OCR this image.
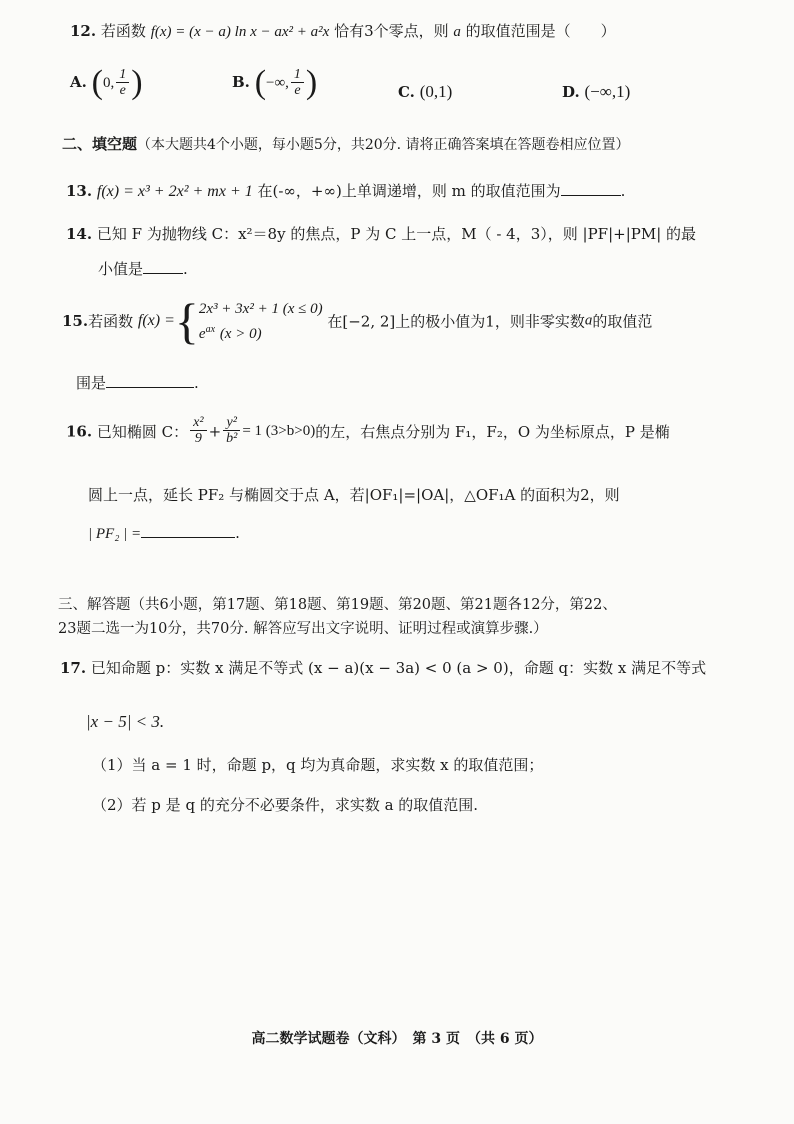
12. 若函数 f(x) = (x − a) ln x − ax² + a²x 恰有3个零点，则 a 的取值范围是（　　）
A. (0, $\frac{1}{e}$ )	B. (−∞, $\frac{1}{e}$ )	C. (0,1)	D. (−∞,1)
二、填空题（本大题共4个小题，每小题5分，共20分. 请将正确答案填在答题卷相应位置）
13. f(x) = x³ + 2x² + mx + 1 在(-∞，+∞)上单调递增，则 m 的取值范围为	.
14. 已知 F 为抛物线 C：x²＝8y 的焦点，P 为 C 上一点，M（ - 4，3），则 |PF|+|PM| 的最
小值是	.
15.若函数 f(x) ={ 2x³ + 3x² + 1 (x ≤ 0)
$e^{ax}$ (x > 0)
在[−2, 2]上的极小值为1，则非零实数a的取值范
围是	.
16. 已知椭圆 C： $\frac{\text{x²}}{9} + \frac{\text{y²}}{\text{b²}} = 1$ (3>b>0)的左，右焦点分别为 F₁，F₂，O 为坐标原点，P 是椭
圆上一点，延长 PF₂ 与椭圆交于点 A，若|OF₁|=|OA|，△OF₁A 的面积为2，则
| PF₂ | =	.
三、解答题（共6小题，第17题、第18题、第19题、第20题、第21题各12分，第22、
23题二选一为10分，共70分. 解答应写出文字说明、证明过程或演算步骤.）
17. 已知命题 p：实数 x 满足不等式 (x − a)(x − 3a) < 0 (a > 0)，命题 q：实数 x 满足不等式
|x − 5| < 3.
（1）当 a = 1 时，命题 p，q 均为真命题，求实数 x 的取值范围；
（2）若 p 是 q 的充分不必要条件，求实数 a 的取值范围.
高二数学试题卷（文科）　第 3 页　（共 6 页）
